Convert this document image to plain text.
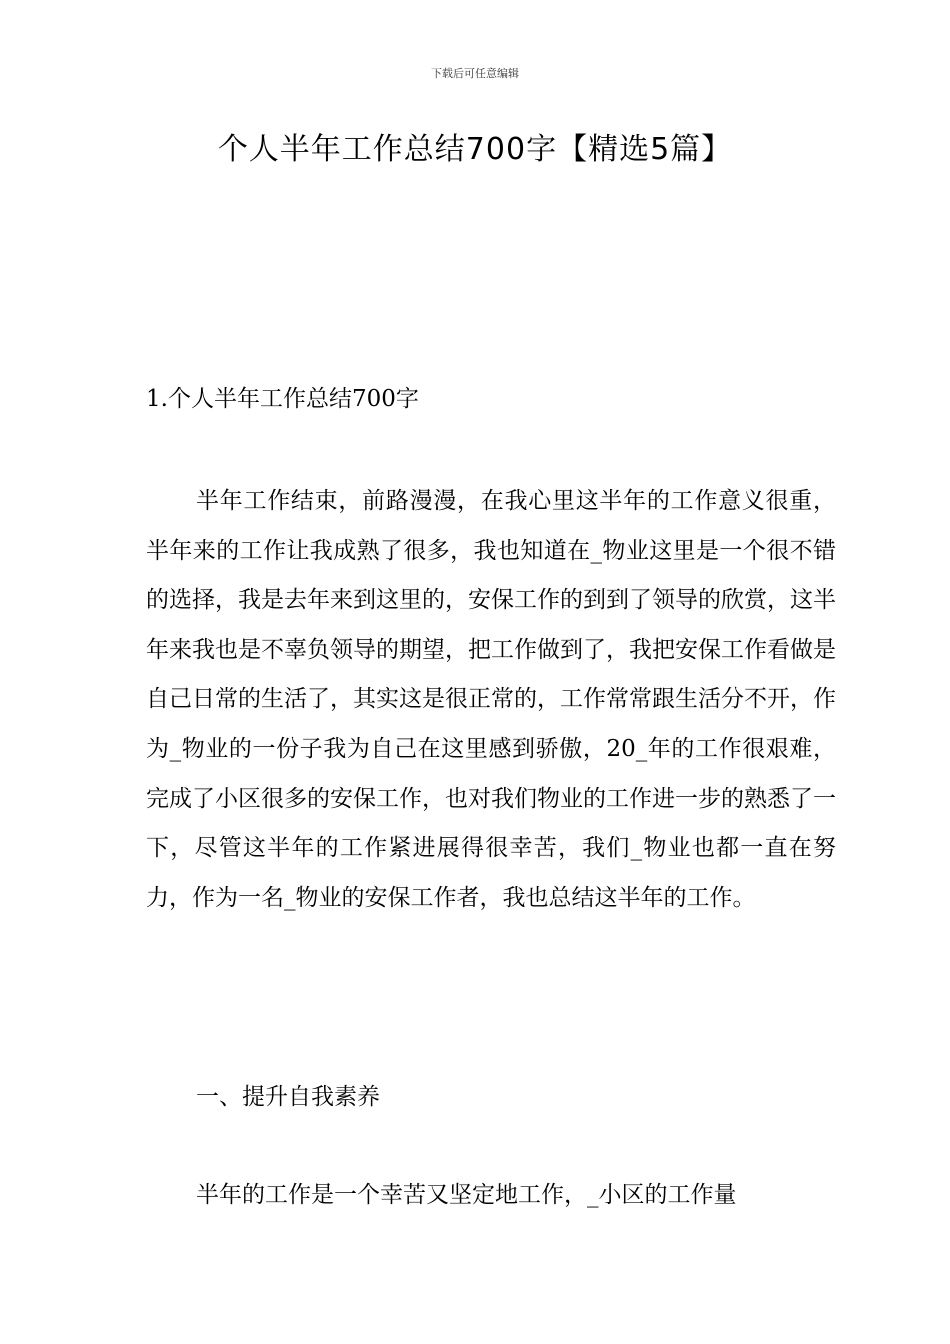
下载后可任意编辑
个人半年工作总结700字【精选5篇】
1.个人半年工作总结700字

半年工作结束，前路漫漫，在我心里这半年的工作意义很重，半年来的工作让我成熟了很多，我也知道在_物业这里是一个很不错的选择，我是去年来到这里的，安保工作的到到了领导的欣赏，这半年来我也是不辜负领导的期望，把工作做到了，我把安保工作看做是自己日常的生活了，其实这是很正常的，工作常常跟生活分不开，作为_物业的一份子我为自己在这里感到骄傲，20_年的工作很艰难，完成了小区很多的安保工作，也对我们物业的工作进一步的熟悉了一下，尽管这半年的工作紧进展得很幸苦，我们_物业也都一直在努力，作为一名_物业的安保工作者，我也总结这半年的工作。

一、提升自我素养

半年的工作是一个幸苦又坚定地工作，_小区的工作量
